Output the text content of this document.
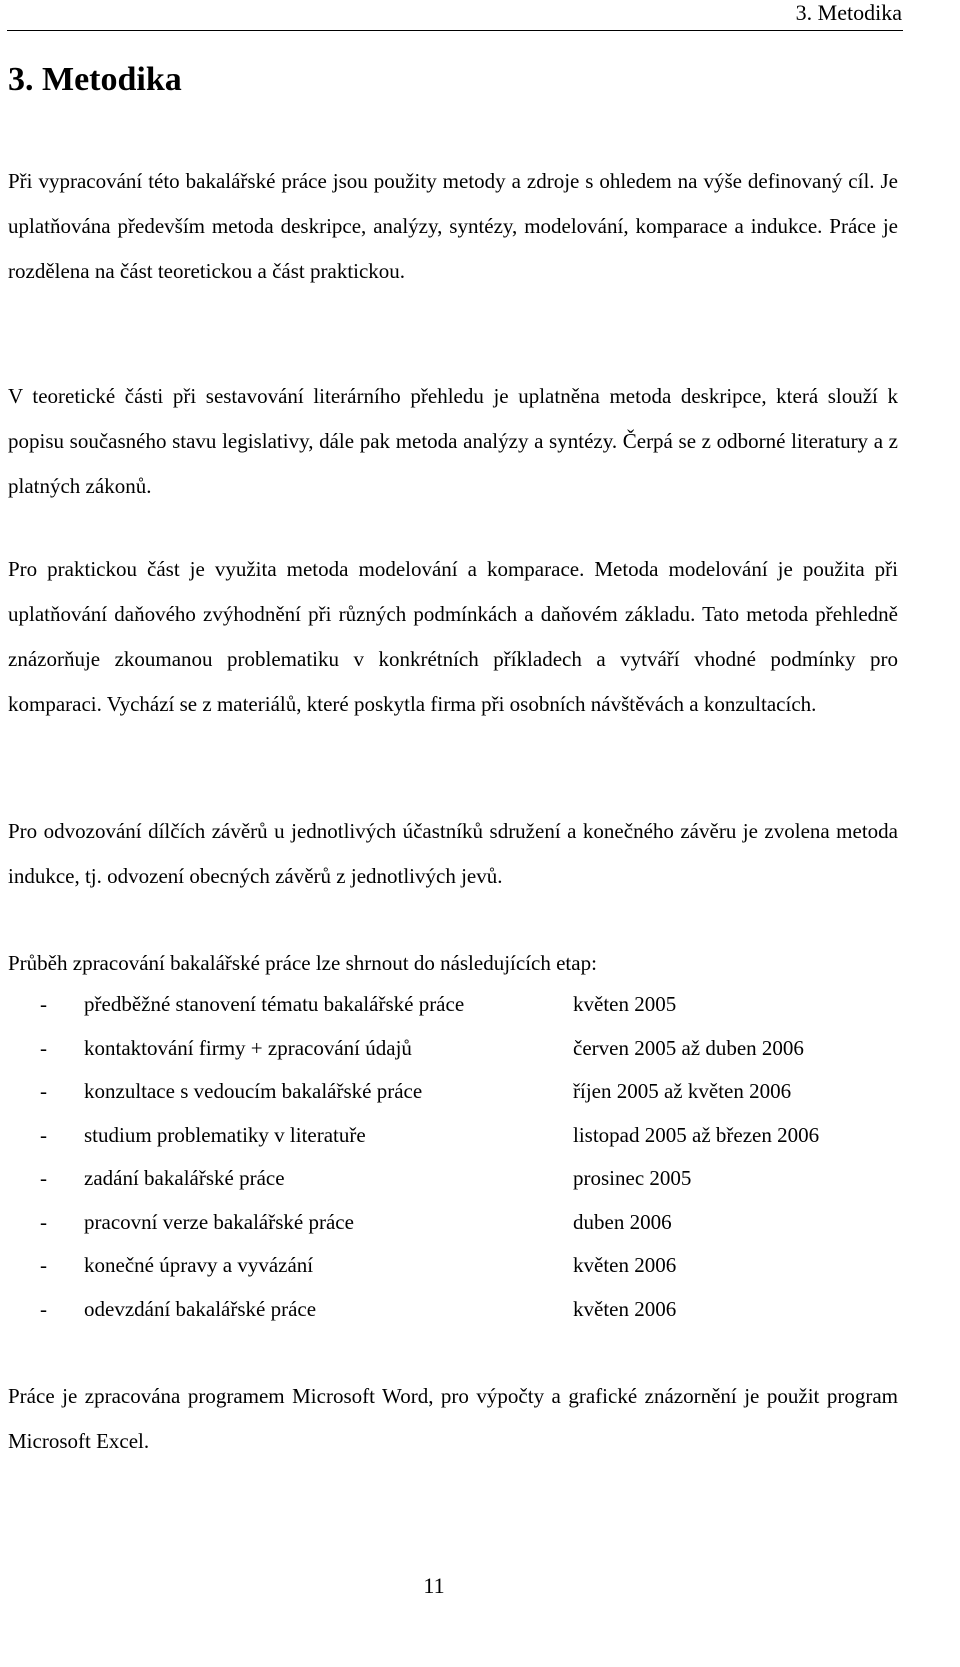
3. Metodika
3. Metodika

Při vypracování této bakalářské práce jsou použity metody a zdroje s ohledem na výše definovaný cíl. Je uplatňována především metoda deskripce, analýzy, syntézy, modelování, komparace a indukce. Práce je rozdělena na část teoretickou a část praktickou.

V teoretické části při sestavování literárního přehledu je uplatněna metoda deskripce, která slouží k popisu současného stavu legislativy, dále pak metoda analýzy a syntézy. Čerpá se z odborné literatury a z platných zákonů.

Pro praktickou část je využita metoda modelování a komparace. Metoda modelování je použita při uplatňování daňového zvýhodnění při různých podmínkách a daňovém základu. Tato metoda přehledně znázorňuje zkoumanou problematiku v konkrétních příkladech a vytváří vhodné podmínky pro komparaci. Vychází se z materiálů, které poskytla firma při osobních návštěvách a konzultacích.

Pro odvozování dílčích závěrů u jednotlivých účastníků sdružení a konečného závěru je zvolena metoda indukce, tj. odvození obecných závěrů z jednotlivých jevů.

Průběh zpracování bakalářské práce lze shrnout do následujících etap:

- předběžné stanovení tématu bakalářské práce	květen 2005
- kontaktování firmy + zpracování údajů	červen 2005 až duben 2006
- konzultace s vedoucím bakalářské práce	říjen 2005 až květen 2006
- studium problematiky v literatuře	listopad 2005 až březen 2006
- zadání bakalářské práce	prosinec 2005
- pracovní verze bakalářské práce	duben 2006
- konečné úpravy a vyvázání	květen 2006
- odevzdání bakalářské práce	květen 2006

Práce je zpracována programem Microsoft Word, pro výpočty a grafické znázornění je použit program Microsoft Excel.

11
